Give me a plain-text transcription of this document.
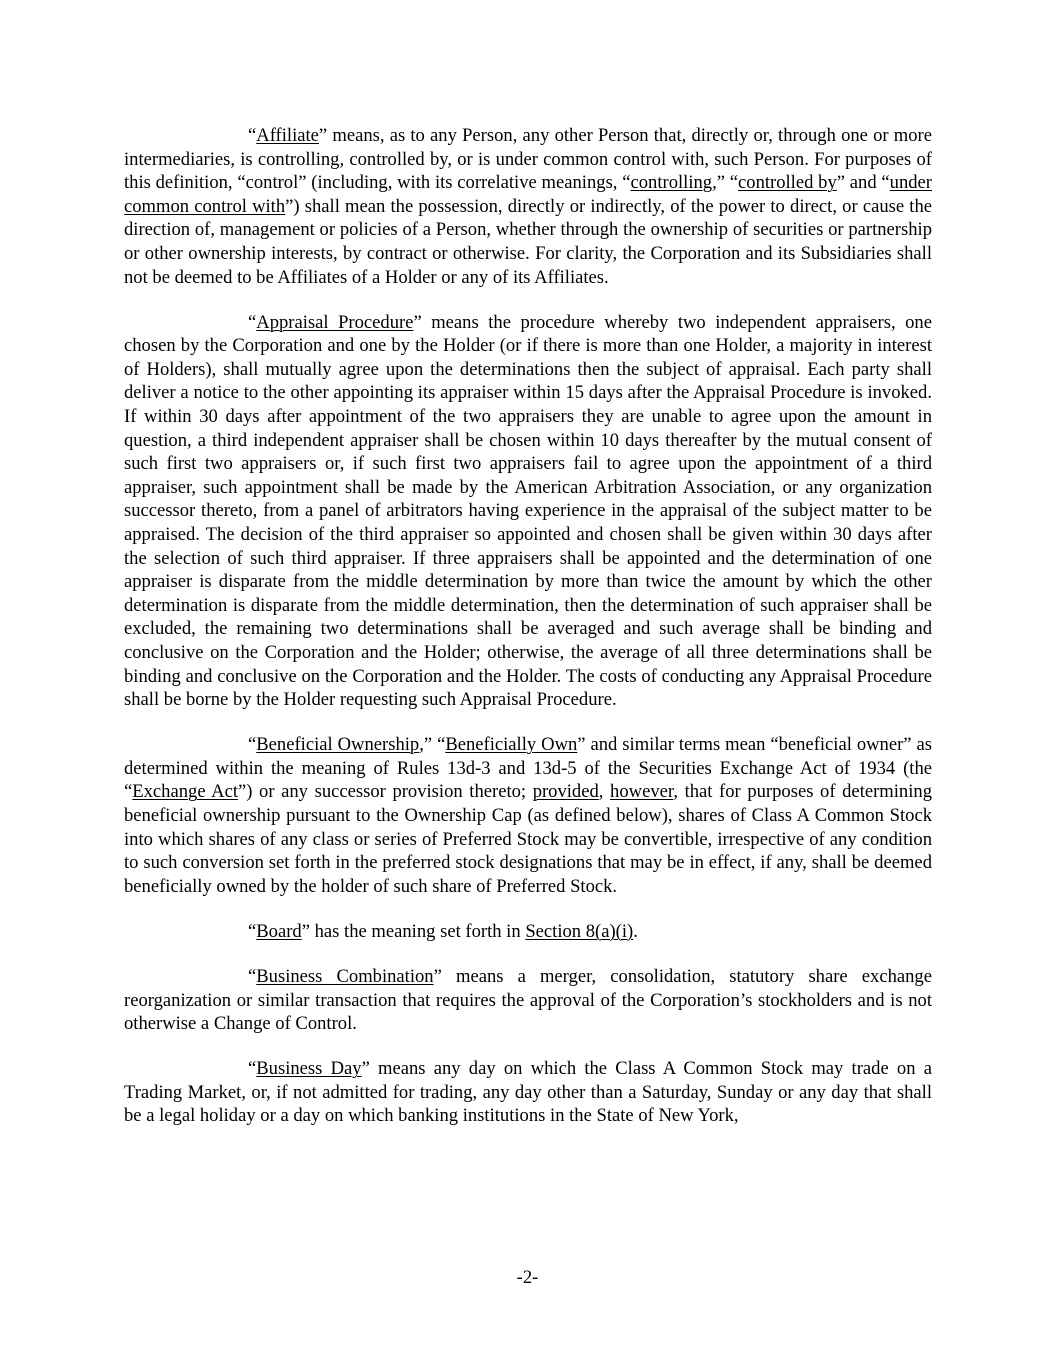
“Affiliate” means, as to any Person, any other Person that, directly or, through one or more intermediaries, is controlling, controlled by, or is under common control with, such Person. For purposes of this definition, “control” (including, with its correlative meanings, “controlling,” “controlled by” and “under common control with”) shall mean the possession, directly or indirectly, of the power to direct, or cause the direction of, management or policies of a Person, whether through the ownership of securities or partnership or other ownership interests, by contract or otherwise. For clarity, the Corporation and its Subsidiaries shall not be deemed to be Affiliates of a Holder or any of its Affiliates.

“Appraisal Procedure” means the procedure whereby two independent appraisers, one chosen by the Corporation and one by the Holder (or if there is more than one Holder, a majority in interest of Holders), shall mutually agree upon the determinations then the subject of appraisal. Each party shall deliver a notice to the other appointing its appraiser within 15 days after the Appraisal Procedure is invoked. If within 30 days after appointment of the two appraisers they are unable to agree upon the amount in question, a third independent appraiser shall be chosen within 10 days thereafter by the mutual consent of such first two appraisers or, if such first two appraisers fail to agree upon the appointment of a third appraiser, such appointment shall be made by the American Arbitration Association, or any organization successor thereto, from a panel of arbitrators having experience in the appraisal of the subject matter to be appraised. The decision of the third appraiser so appointed and chosen shall be given within 30 days after the selection of such third appraiser. If three appraisers shall be appointed and the determination of one appraiser is disparate from the middle determination by more than twice the amount by which the other determination is disparate from the middle determination, then the determination of such appraiser shall be excluded, the remaining two determinations shall be averaged and such average shall be binding and conclusive on the Corporation and the Holder; otherwise, the average of all three determinations shall be binding and conclusive on the Corporation and the Holder. The costs of conducting any Appraisal Procedure shall be borne by the Holder requesting such Appraisal Procedure.

“Beneficial Ownership,” “Beneficially Own” and similar terms mean “beneficial owner” as determined within the meaning of Rules 13d-3 and 13d-5 of the Securities Exchange Act of 1934 (the “Exchange Act”) or any successor provision thereto; provided, however, that for purposes of determining beneficial ownership pursuant to the Ownership Cap (as defined below), shares of Class A Common Stock into which shares of any class or series of Preferred Stock may be convertible, irrespective of any condition to such conversion set forth in the preferred stock designations that may be in effect, if any, shall be deemed beneficially owned by the holder of such share of Preferred Stock.

“Board” has the meaning set forth in Section 8(a)(i).

“Business Combination” means a merger, consolidation, statutory share exchange reorganization or similar transaction that requires the approval of the Corporation’s stockholders and is not otherwise a Change of Control.

“Business Day” means any day on which the Class A Common Stock may trade on a Trading Market, or, if not admitted for trading, any day other than a Saturday, Sunday or any day that shall be a legal holiday or a day on which banking institutions in the State of New York,

-2-
